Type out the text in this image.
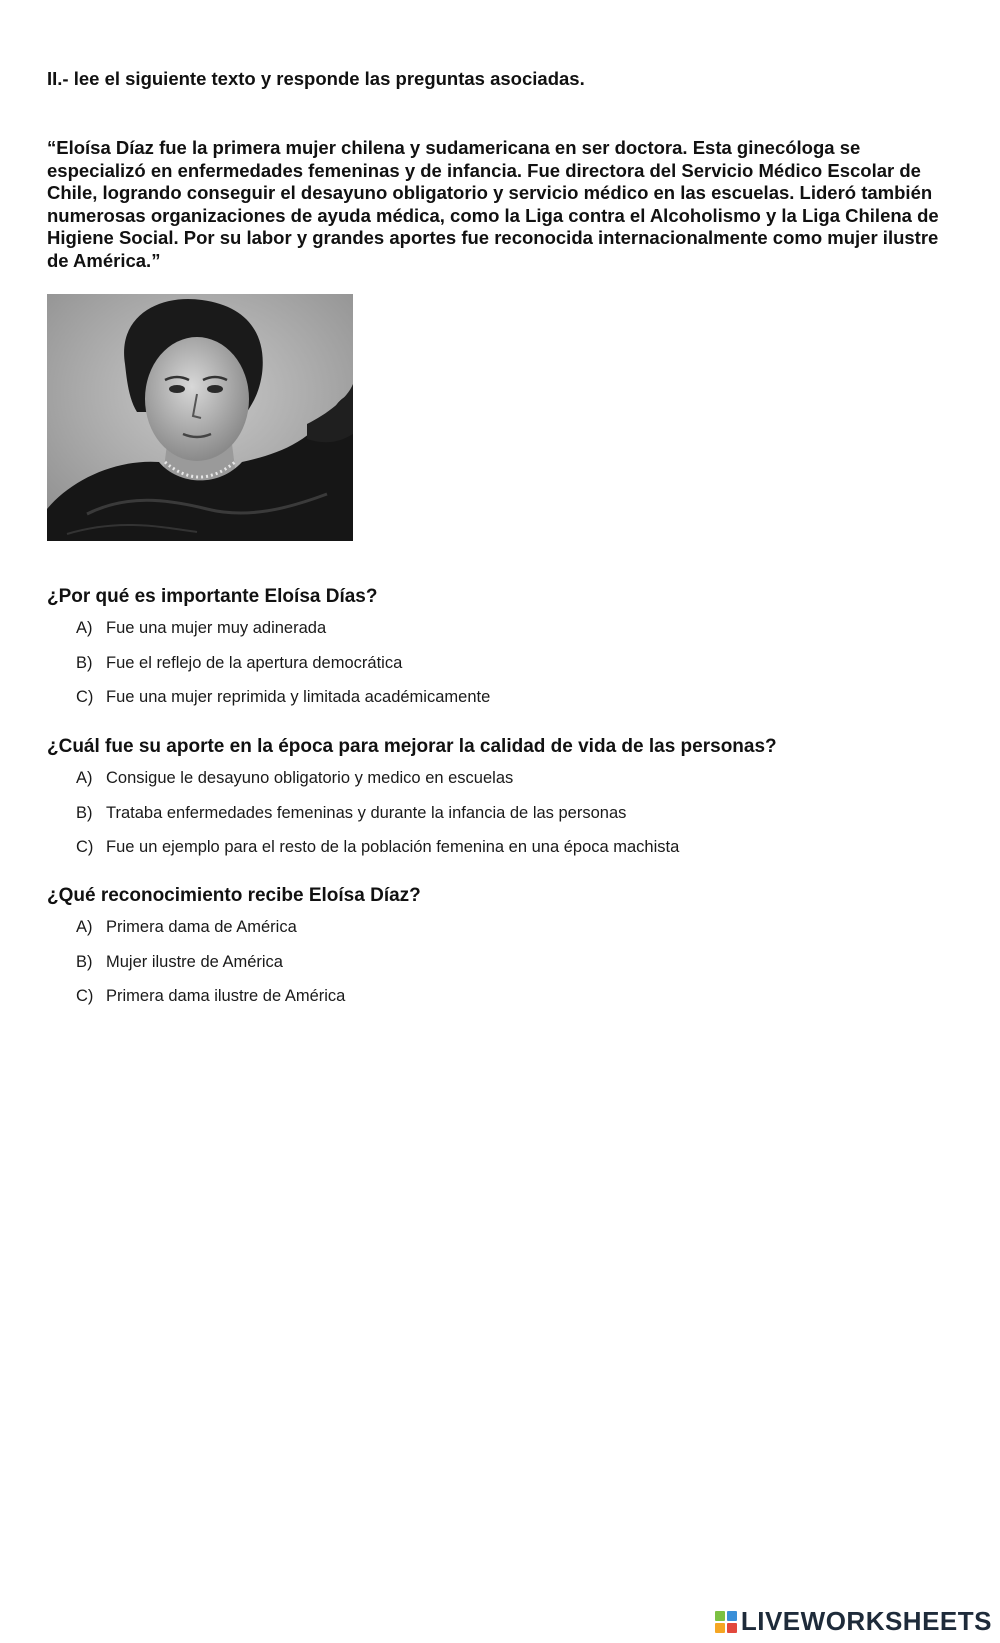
II.- lee el siguiente texto y responde las preguntas asociadas.

“Eloísa Díaz fue la primera mujer chilena y sudamericana en ser doctora. Esta ginecóloga se especializó en enfermedades femeninas y de infancia. Fue directora del Servicio Médico Escolar de Chile, logrando conseguir el desayuno obligatorio y servicio médico en las escuelas. Lideró también numerosas organizaciones de ayuda médica, como la Liga contra el Alcoholismo y la Liga Chilena de Higiene Social. Por su labor y grandes aportes fue reconocida internacionalmente como mujer ilustre de América.”

¿Por qué es importante Eloísa Días?

A) Fue una mujer muy adinerada
B) Fue el reflejo de la apertura democrática
C) Fue una mujer reprimida y limitada académicamente

¿Cuál fue su aporte en la época para mejorar la calidad de vida de las personas?

A) Consigue le desayuno obligatorio y medico en escuelas
B) Trataba enfermedades femeninas y durante la infancia de las personas
C) Fue un ejemplo para el resto de la población femenina en una época machista

¿Qué reconocimiento recibe Eloísa Díaz?

A) Primera dama de América
B) Mujer ilustre de América
C) Primera dama ilustre de América
LIVEWORKSHEETS
